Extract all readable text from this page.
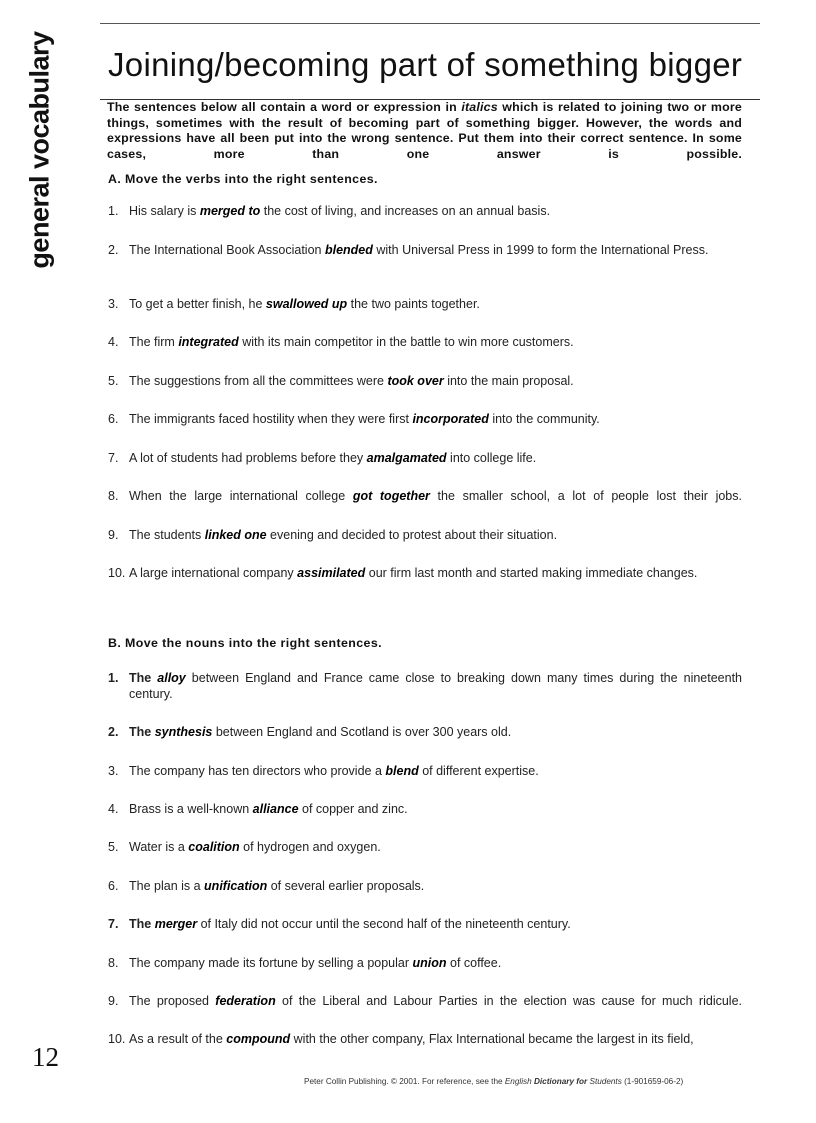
general vocabulary
12
Joining/becoming part of something bigger

The sentences below all contain a word or expression in italics which is related to joining two or more things, sometimes with the result of becoming part of something bigger. However, the words and expressions have all been put into the wrong sentence. Put them into their correct sentence. In some cases, more than one answer is possible.

A. Move the verbs into the right sentences.

1. His salary is merged to the cost of living, and increases on an annual basis.
2. The International Book Association blended with Universal Press in 1999 to form the International Press.
3. To get a better finish, he swallowed up the two paints together.
4. The firm integrated with its main competitor in the battle to win more customers.
5. The suggestions from all the committees were took over into the main proposal.
6. The immigrants faced hostility when they were first incorporated into the community.
7. A lot of students had problems before they amalgamated into college life.
8. When the large international college got together the smaller school, a lot of people lost their jobs.
9. The students linked one evening and decided to protest about their situation.
10. A large international company assimilated our firm last month and started making immediate changes.

B. Move the nouns into the right sentences.

1. The alloy between England and France came close to breaking down many times during the nineteenth century.
2. The synthesis between England and Scotland is over 300 years old.
3. The company has ten directors who provide a blend of different expertise.
4. Brass is a well-known alliance of copper and zinc.
5. Water is a coalition of hydrogen and oxygen.
6. The plan is a unification of several earlier proposals.
7. The merger of Italy did not occur until the second half of the nineteenth century.
8. The company made its fortune by selling a popular union of coffee.
9. The proposed federation of the Liberal and Labour Parties in the election was cause for much ridicule.
10. As a result of the compound with the other company, Flax International became the largest in its field,
Peter Collin Publishing. © 2001. For reference, see the English Dictionary for Students (1-901659-06-2)
